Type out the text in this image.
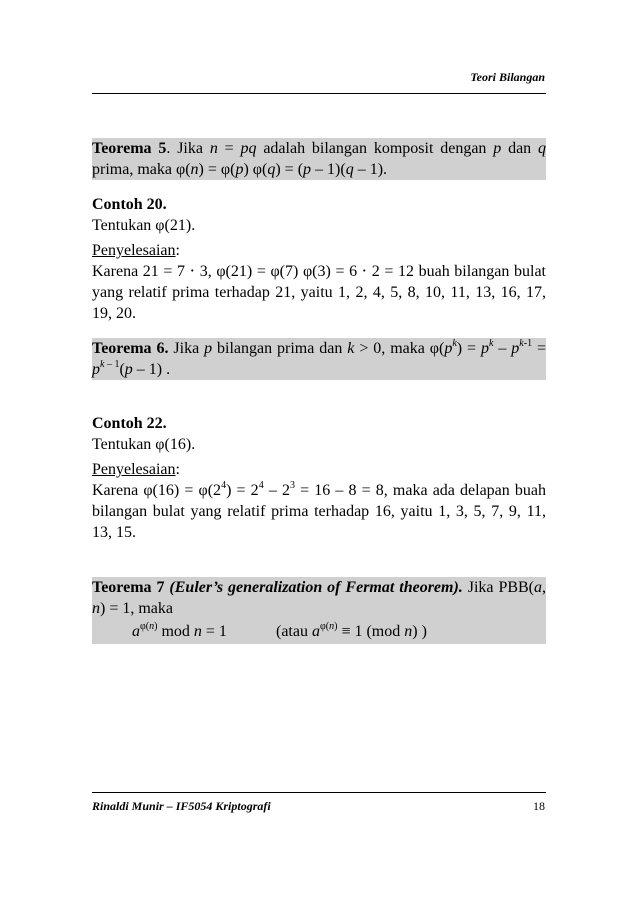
Teori Bilangan
Teorema 5. Jika n = pq adalah bilangan komposit dengan p dan q prima, maka φ(n) = φ(p) φ(q) = (p – 1)(q – 1).
Contoh 20.
Tentukan φ(21).
Penyelesaian:
Karena 21 = 7 ⋅ 3, φ(21) = φ(7) φ(3) = 6 ⋅ 2 = 12 buah bilangan bulat yang relatif prima terhadap 21, yaitu 1, 2, 4, 5, 8, 10, 11, 13, 16, 17, 19, 20.
Teorema 6. Jika p bilangan prima dan k > 0, maka $\varphi(p^k) = p^k - p^{k-1} = p^{k - 1}(p - 1)$ .
Contoh 22.
Tentukan φ(16).
Penyelesaian:
Karena $\varphi(16) = \varphi(2^4) = 2^4 - 2^3 = 16 - 8 = 8$, maka ada delapan buah bilangan bulat yang relatif prima terhadap 16, yaitu 1, 3, 5, 7, 9, 11, 13, 15.
Teorema 7 (Euler’s generalization of Fermat theorem). Jika PBB(a, n) = 1, maka
$a^{\varphi(n)}$ mod n = 1	(atau $a^{\varphi(n)} \equiv 1$ (mod n) )
Rinaldi Munir – IF5054 Kriptografi	18
